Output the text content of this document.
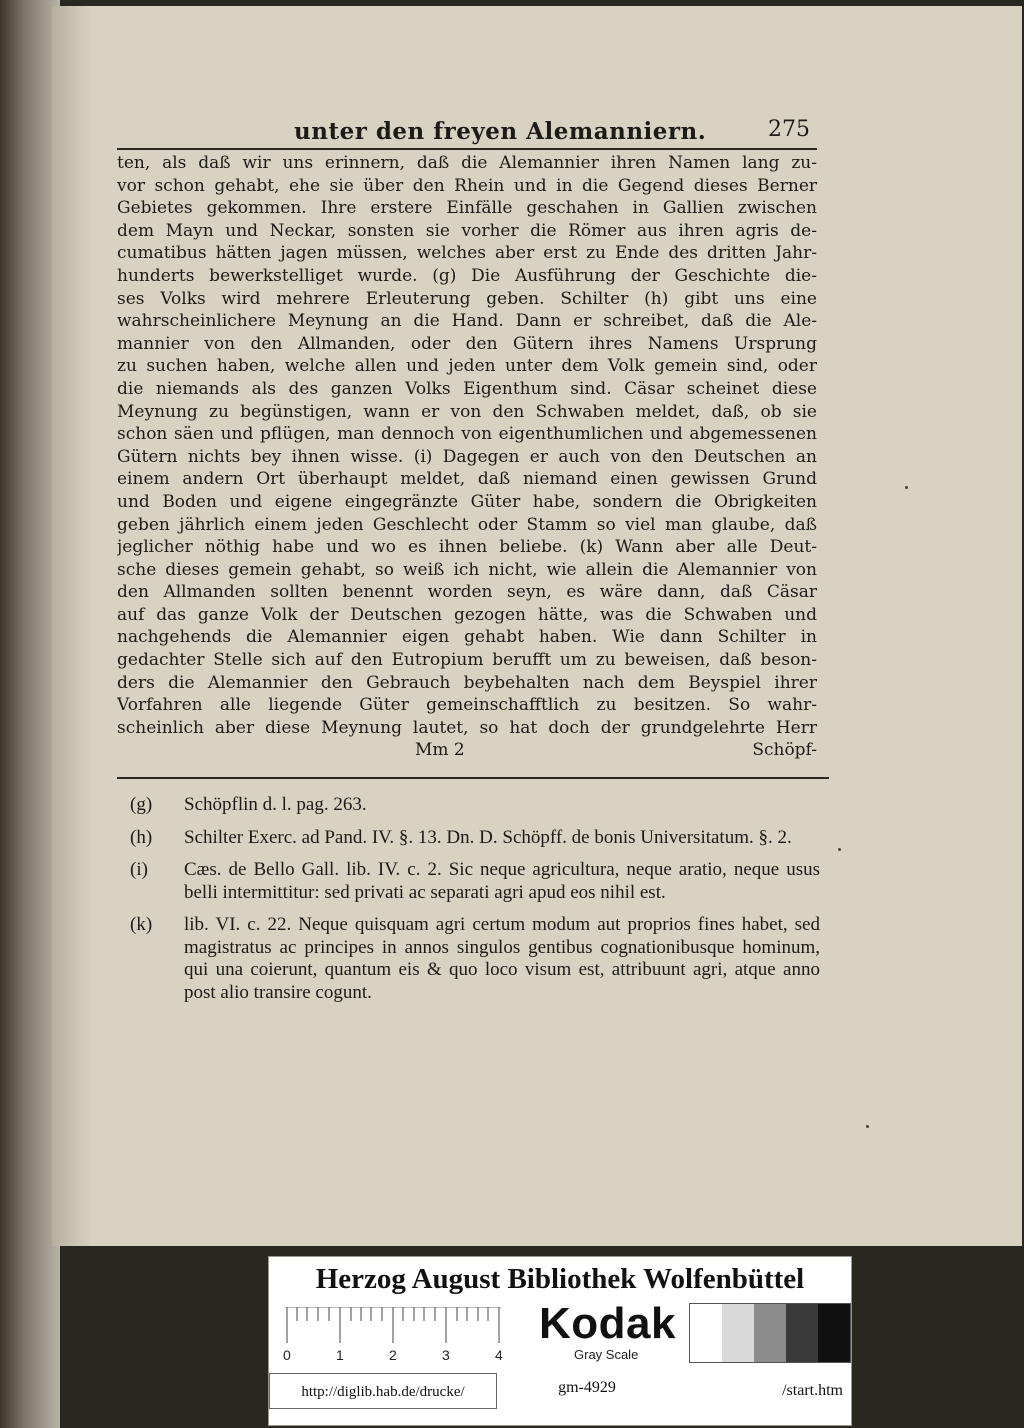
unter den freyen Alemanniern.	275
ten, als daß wir uns erinnern, daß die Alemannier ihren Namen lang zu-
vor schon gehabt, ehe sie über den Rhein und in die Gegend dieses Berner
Gebietes gekommen. Ihre erstere Einfälle geschahen in Gallien zwischen
dem Mayn und Neckar, sonsten sie vorher die Römer aus ihren agris de-
cumatibus hätten jagen müssen, welches aber erst zu Ende des dritten Jahr-
hunderts bewerkstelliget wurde. (g) Die Ausführung der Geschichte die-
ses Volks wird mehrere Erleuterung geben. Schilter (h) gibt uns eine
wahrscheinlichere Meynung an die Hand. Dann er schreibet, daß die Ale-
mannier von den Allmanden, oder den Gütern ihres Namens Ursprung
zu suchen haben, welche allen und jeden unter dem Volk gemein sind, oder
die niemands als des ganzen Volks Eigenthum sind. Cäsar scheinet diese
Meynung zu begünstigen, wann er von den Schwaben meldet, daß, ob sie
schon säen und pflügen, man dennoch von eigenthumlichen und abgemessenen
Gütern nichts bey ihnen wisse. (i) Dagegen er auch von den Deutschen an
einem andern Ort überhaupt meldet, daß niemand einen gewissen Grund
und Boden und eigene eingegränzte Güter habe, sondern die Obrigkeiten
geben jährlich einem jeden Geschlecht oder Stamm so viel man glaube, daß
jeglicher nöthig habe und wo es ihnen beliebe. (k) Wann aber alle Deut-
sche dieses gemein gehabt, so weiß ich nicht, wie allein die Alemannier von
den Allmanden sollten benennt worden seyn, es wäre dann, daß Cäsar
auf das ganze Volk der Deutschen gezogen hätte, was die Schwaben und
nachgehends die Alemannier eigen gehabt haben. Wie dann Schilter in
gedachter Stelle sich auf den Eutropium berufft um zu beweisen, daß beson-
ders die Alemannier den Gebrauch beybehalten nach dem Beyspiel ihrer
Vorfahren alle liegende Güter gemeinschafftlich zu besitzen. So wahr-
scheinlich aber diese Meynung lautet, so hat doch der grundgelehrte Herr
Mm 2	Schöpf-
(g) Schöpflin d. l. pag. 263.
(h) Schilter Exerc. ad Pand. IV. §. 13. Dn. D. Schöpff. de bonis Universitatum. §. 2.
(i) Cæs. de Bello Gall. lib. IV. c. 2. Sic neque agricultura, neque aratio, neque usus belli intermittitur: sed privati ac separati agri apud eos nihil est.
(k) lib. VI. c. 22. Neque quisquam agri certum modum aut proprios fines habet, sed magistratus ac principes in annos singulos gentibus cognationibusque hominum, qui una coierunt, quantum eis & quo loco visum est, attribuunt agri, atque anno post alio transire cogunt.
Herzog August Bibliothek Wolfenbüttel
0	1	2	3	4
Kodak
Gray Scale
http://diglib.hab.de/drucke/	gm-4929	/start.htm
